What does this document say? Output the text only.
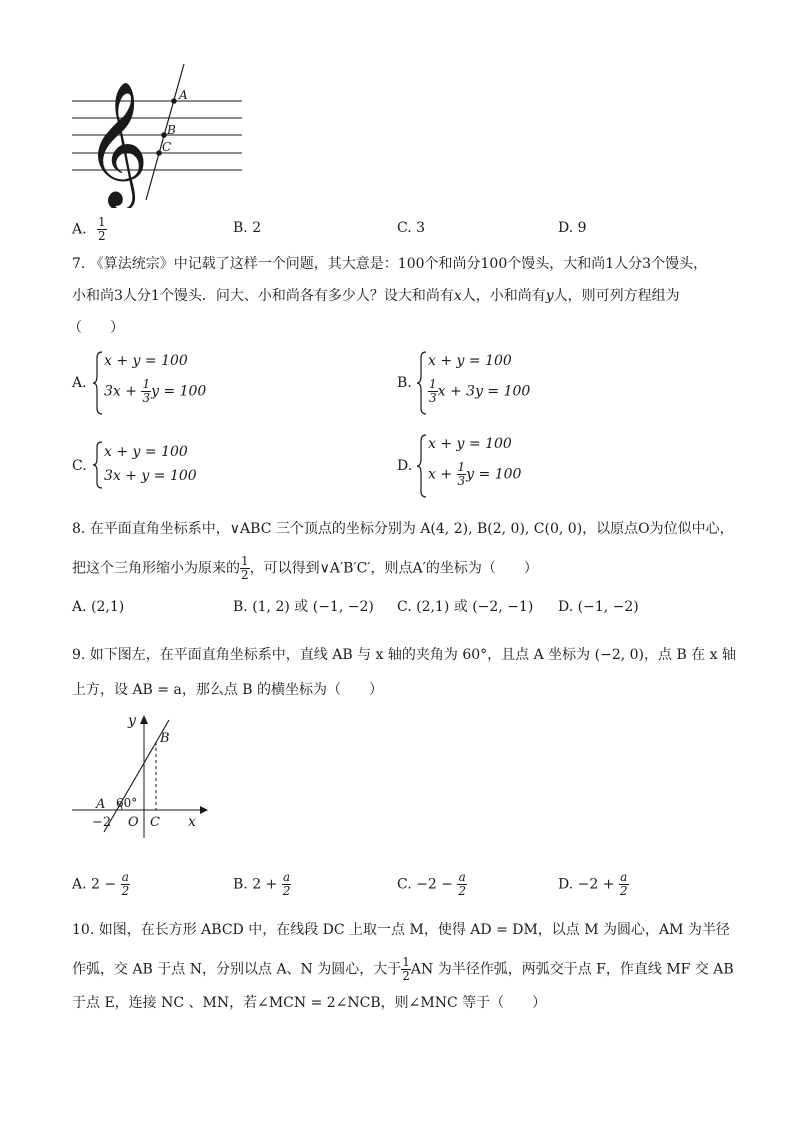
𝄞	A
B
C
A. $\frac{1}{2}$	B. 2	C. 3	D. 9
7. 《算法统宗》中记载了这样一个问题，其大意是：100个和尚分100个馒头，大和尚1人分3个馒头，
小和尚3人分1个馒头．问大、小和尚各有多少人？设大和尚有x人，小和尚有y人，则可列方程组为
（　　）
A.
x + y = 100
$3x + \frac{1}{3}$ y = 100
B.
x + y = 100
$\frac{1}{3}$ x + 3y = 100
C.
x + y = 100
3x + y = 100
D.
x + y = 100
$x + \frac{1}{3}$ y = 100
8. 在平面直角坐标系中，∨ABC 三个顶点的坐标分别为 A(4, 2), B(2, 0), C(0, 0)，以原点O为位似中心，
把这个三角形缩小为原来的 $\frac{1}{2}$ ，可以得到∨A′B′C′，则点A′的坐标为（　　）
A. (2,1)	B. (1, 2) 或 (−1, −2) C. (2,1) 或 (−2, −1) D. (−1, −2)
9. 如下图左，在平面直角坐标系中，直线 AB 与 x 轴的夹角为 60°，且点 A 坐标为 (−2, 0)，点 B 在 x 轴
上方，设 AB = a，那么点 B 的横坐标为（　　）
y
x
B
A 60°
−2 O C
A. $2 - \frac{a}{2}$	B. $2 + \frac{a}{2}$	C. $-2 - \frac{a}{2}$	D. $-2 + \frac{a}{2}$
10. 如图，在长方形 ABCD 中，在线段 DC 上取一点 M，使得 AD = DM，以点 M 为圆心，AM 为半径
作弧，交 AB 于点 N，分别以点 A、N 为圆心，大于 $\frac{1}{2}$ AN 为半径作弧，两弧交于点 F，作直线 MF 交 AB
于点 E，连接 NC 、MN，若∠MCN = 2∠NCB，则∠MNC 等于（　　）
